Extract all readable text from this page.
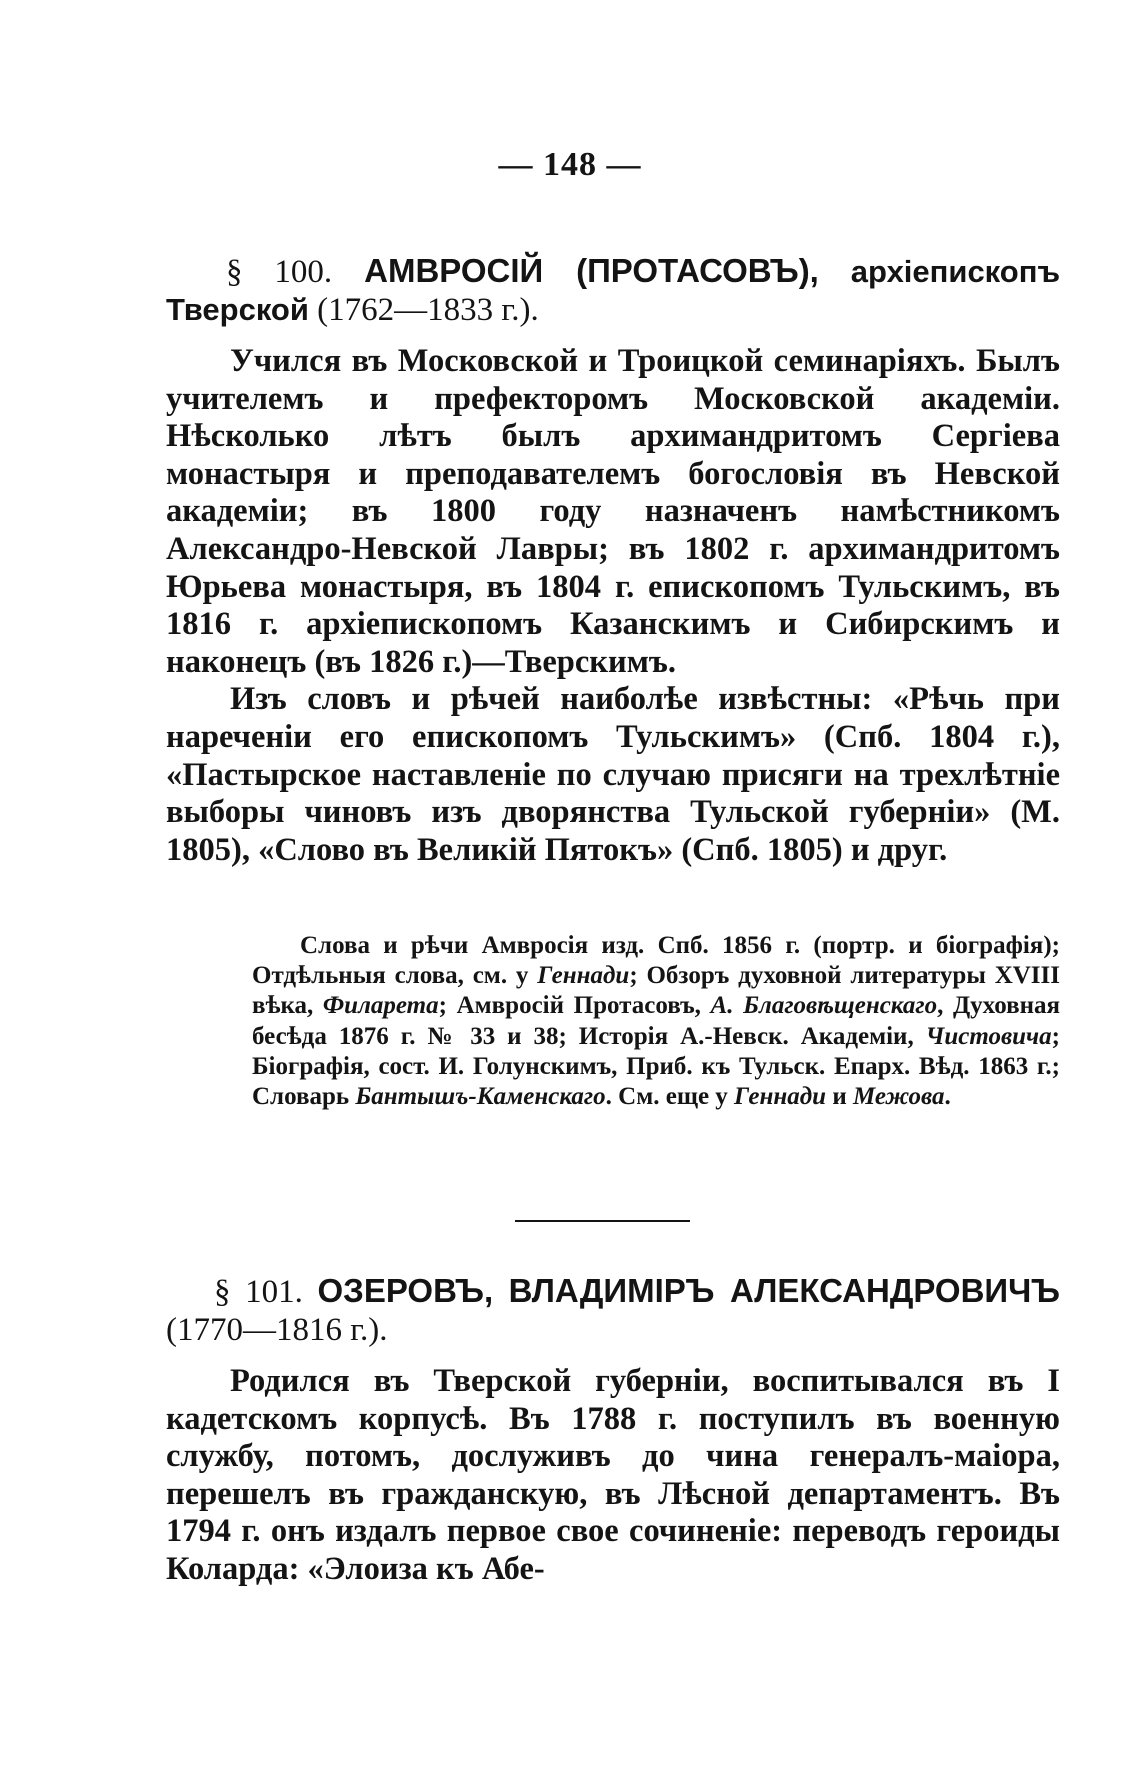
— 148 —
§ 100. АМВРОСІЙ (ПРОТАСОВЪ), архіепископъ Тверской (1762—1833 г.).

Учился въ Московской и Троицкой семинаріяхъ. Былъ учителемъ и префекторомъ Московской академіи. Нѣсколько лѣтъ былъ архимандритомъ Сергіева монастыря и преподавателемъ богословія въ Невской академіи; въ 1800 году назначенъ намѣстникомъ Александро-Невской Лавры; въ 1802 г. архимандритомъ Юрьева монастыря, въ 1804 г. епископомъ Тульскимъ, въ 1816 г. архіепископомъ Казанскимъ и Сибирскимъ и наконецъ (въ 1826 г.)—Тверскимъ.

Изъ словъ и рѣчей наиболѣе извѣстны: «Рѣчь при нареченіи его епископомъ Тульскимъ» (Спб. 1804 г.), «Пастырское наставленіе по случаю присяги на трехлѣтніе выборы чиновъ изъ дворянства Тульской губерніи» (М. 1805), «Слово въ Великій Пятокъ» (Спб. 1805) и друг.

Слова и рѣчи Амвросія изд. Спб. 1856 г. (портр. и біографія); Отдѣльныя слова, см. у Геннади; Обзоръ духовной литературы XVIII вѣка, Филарета; Амвросій Протасовъ, А. Благовѣщенскаго, Духовная бесѣда 1876 г. № 33 и 38; Исторія А.-Невск. Академіи, Чистовича; Біографія, сост. И. Голунскимъ, Приб. къ Тульск. Епарх. Вѣд. 1863 г.; Словарь Бантышъ-Каменскаго. См. еще у Геннади и Межова.
§ 101. ОЗЕРОВЪ, ВЛАДИМІРЪ АЛЕКСАНДРОВИЧЪ (1770—1816 г.).

Родился въ Тверской губерніи, воспитывался въ I кадетскомъ корпусѣ. Въ 1788 г. поступилъ въ военную службу, потомъ, дослуживъ до чина генералъ-маіора, перешелъ въ гражданскую, въ Лѣсной департаментъ. Въ 1794 г. онъ издалъ первое свое сочиненіе: переводъ героиды Коларда: «Элоиза къ Абе-
